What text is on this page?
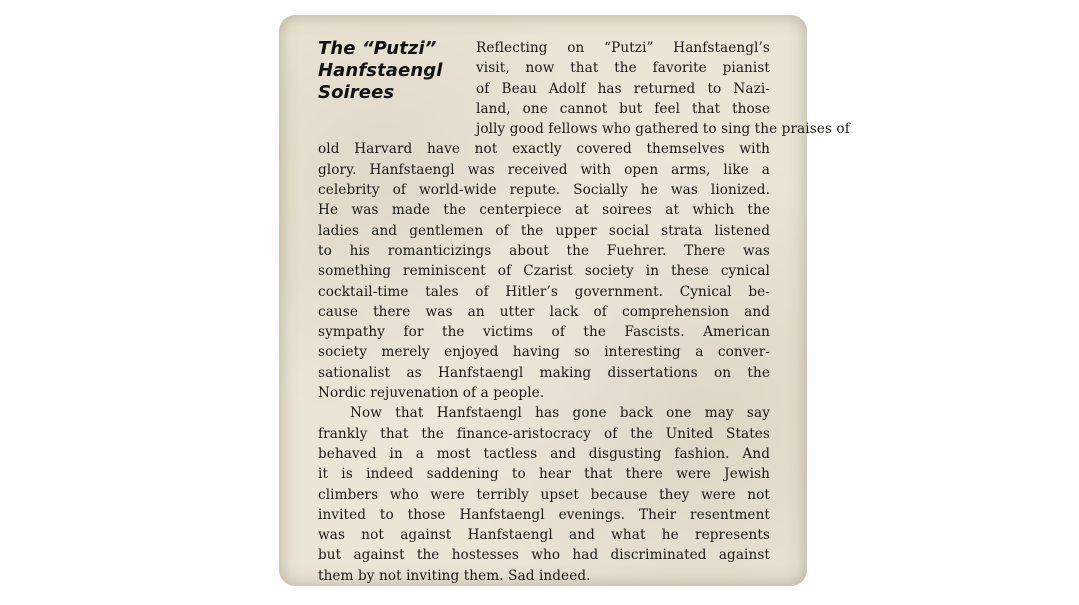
The “Putzi”
Hanfstaengl
Soirees
Reflecting on “Putzi” Hanfstaengl’s
visit, now that the favorite pianist
of Beau Adolf has returned to Nazi-
land, one cannot but feel that those
jolly good fellows who gathered to sing the praises of
old Harvard have not exactly covered themselves with
glory. Hanfstaengl was received with open arms, like a
celebrity of world-wide repute. Socially he was lionized.
He was made the centerpiece at soirees at which the
ladies and gentlemen of the upper social strata listened
to his romanticizings about the Fuehrer. There was
something reminiscent of Czarist society in these cynical
cocktail-time tales of Hitler’s government. Cynical be-
cause there was an utter lack of comprehension and
sympathy for the victims of the Fascists. American
society merely enjoyed having so interesting a conver-
sationalist as Hanfstaengl making dissertations on the
Nordic rejuvenation of a people.
Now that Hanfstaengl has gone back one may say
frankly that the finance-aristocracy of the United States
behaved in a most tactless and disgusting fashion. And
it is indeed saddening to hear that there were Jewish
climbers who were terribly upset because they were not
invited to those Hanfstaengl evenings. Their resentment
was not against Hanfstaengl and what he represents
but against the hostesses who had discriminated against
them by not inviting them. Sad indeed.
